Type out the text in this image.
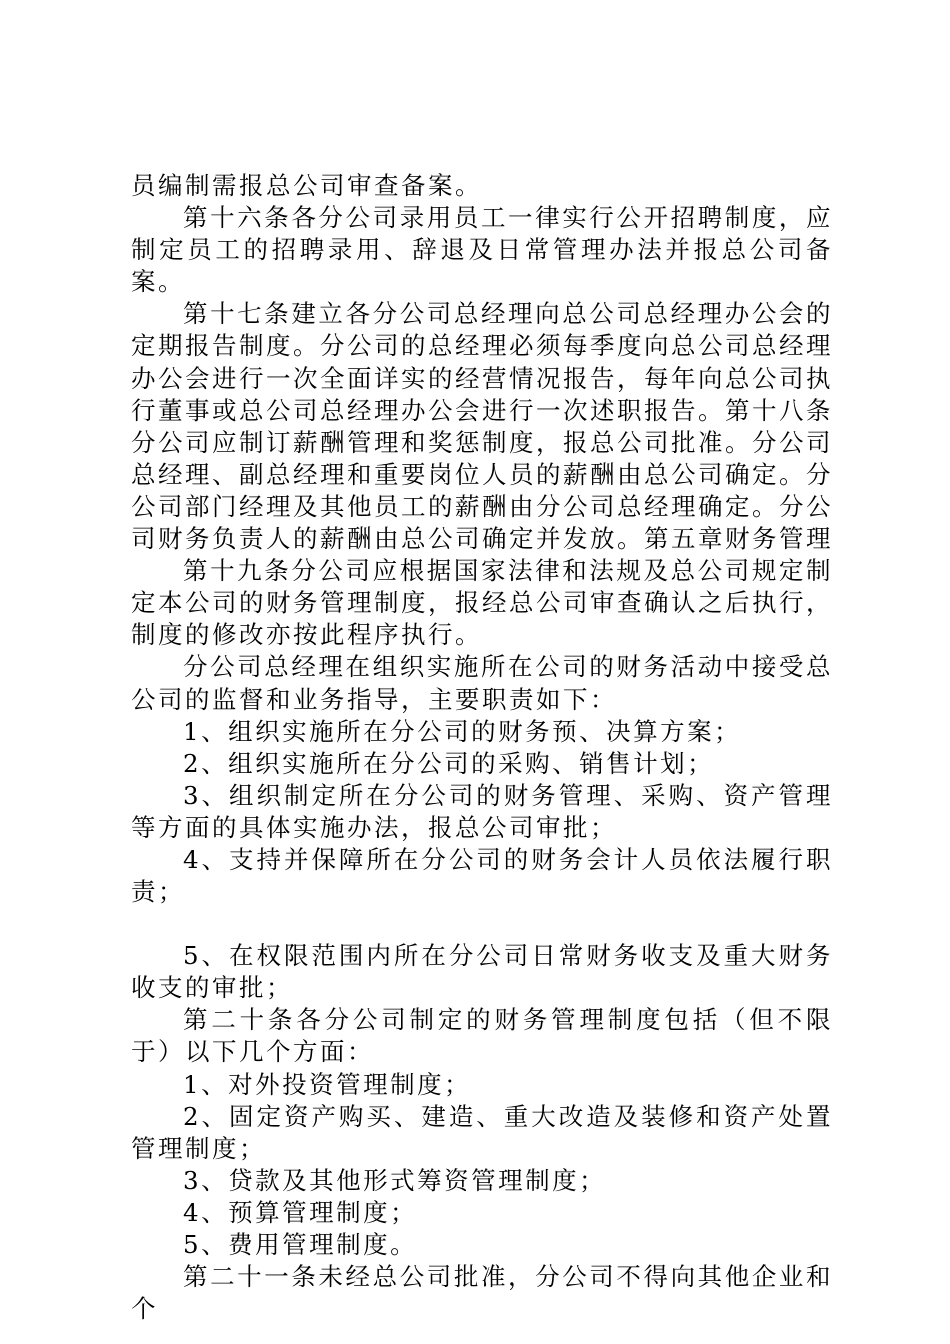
员编制需报总公司审查备案。

第十六条各分公司录用员工一律实行公开招聘制度，应制定员工的招聘录用、辞退及日常管理办法并报总公司备案。

第十七条建立各分公司总经理向总公司总经理办公会的定期报告制度。分公司的总经理必须每季度向总公司总经理办公会进行一次全面详实的经营情况报告，每年向总公司执行董事或总公司总经理办公会进行一次述职报告。第十八条分公司应制订薪酬管理和奖惩制度，报总公司批准。分公司总经理、副总经理和重要岗位人员的薪酬由总公司确定。分公司部门经理及其他员工的薪酬由分公司总经理确定。分公司财务负责人的薪酬由总公司确定并发放。第五章财务管理

第十九条分公司应根据国家法律和法规及总公司规定制定本公司的财务管理制度，报经总公司审查确认之后执行，制度的修改亦按此程序执行。

分公司总经理在组织实施所在公司的财务活动中接受总公司的监督和业务指导，主要职责如下：

1、组织实施所在分公司的财务预、决算方案；

2、组织实施所在分公司的采购、销售计划；

3、组织制定所在分公司的财务管理、采购、资产管理等方面的具体实施办法，报总公司审批；

4、支持并保障所在分公司的财务会计人员依法履行职责；

5、在权限范围内所在分公司日常财务收支及重大财务收支的审批；

第二十条各分公司制定的财务管理制度包括（但不限于）以下几个方面：

1、对外投资管理制度；

2、固定资产购买、建造、重大改造及装修和资产处置管理制度；

3、贷款及其他形式筹资管理制度；

4、预算管理制度；

5、费用管理制度。

第二十一条未经总公司批准，分公司不得向其他企业和个
